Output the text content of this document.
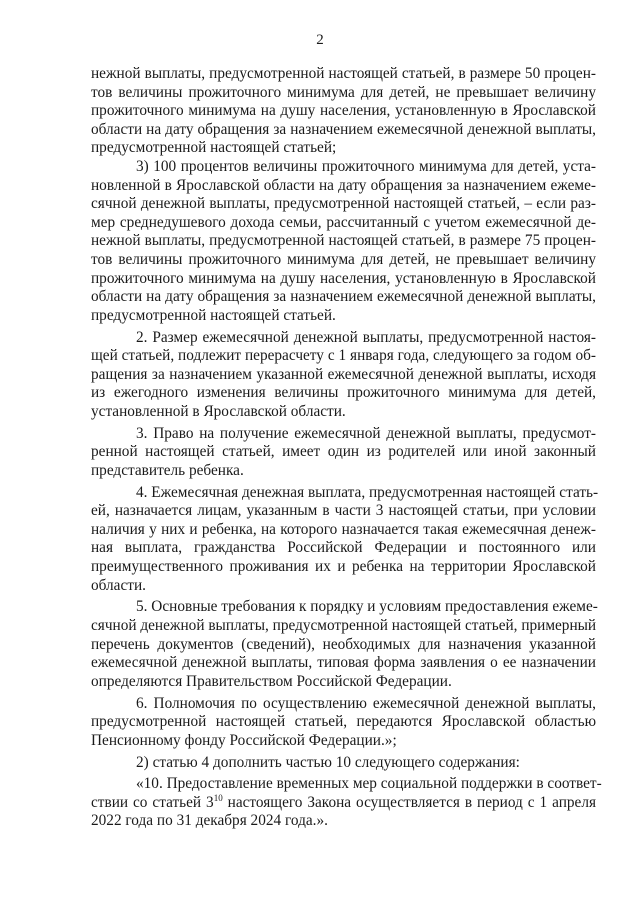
2

нежной выплаты, предусмотренной настоящей статьей, в размере 50 процен-
тов величины прожиточного минимума для детей, не превышает величину
прожиточного минимума на душу населения, установленную в Ярославской
области на дату обращения за назначением ежемесячной денежной выплаты,
предусмотренной настоящей статьей;

3) 100 процентов величины прожиточного минимума для детей, уста-
новленной в Ярославской области на дату обращения за назначением ежеме-
сячной денежной выплаты, предусмотренной настоящей статьей, – если раз-
мер среднедушевого дохода семьи, рассчитанный с учетом ежемесячной де-
нежной выплаты, предусмотренной настоящей статьей, в размере 75 процен-
тов величины прожиточного минимума для детей, не превышает величину
прожиточного минимума на душу населения, установленную в Ярославской
области на дату обращения за назначением ежемесячной денежной выплаты,
предусмотренной настоящей статьей.

2. Размер ежемесячной денежной выплаты, предусмотренной настоя-
щей статьей, подлежит перерасчету с 1 января года, следующего за годом об-
ращения за назначением указанной ежемесячной денежной выплаты, исходя
из ежегодного изменения величины прожиточного минимума для детей,
установленной в Ярославской области.

3. Право на получение ежемесячной денежной выплаты, предусмот-
ренной настоящей статьей, имеет один из родителей или иной законный
представитель ребенка.

4. Ежемесячная денежная выплата, предусмотренная настоящей стать-
ей, назначается лицам, указанным в части 3 настоящей статьи, при условии
наличия у них и ребенка, на которого назначается такая ежемесячная денеж-
ная выплата, гражданства Российской Федерации и постоянного или
преимущественного проживания их и ребенка на территории Ярославской
области.

5. Основные требования к порядку и условиям предоставления ежеме-
сячной денежной выплаты, предусмотренной настоящей статьей, примерный
перечень документов (сведений), необходимых для назначения указанной
ежемесячной денежной выплаты, типовая форма заявления о ее назначении
определяются Правительством Российской Федерации.

6. Полномочия по осуществлению ежемесячной денежной выплаты,
предусмотренной настоящей статьей, передаются Ярославской областью
Пенсионному фонду Российской Федерации.»;

2) статью 4 дополнить частью 10 следующего содержания:

«10. Предоставление временных мер социальной поддержки в соответ-
ствии со статьей $3^{10}$ настоящего Закона осуществляется в период с 1 апреля
2022 года по 31 декабря 2024 года.».
